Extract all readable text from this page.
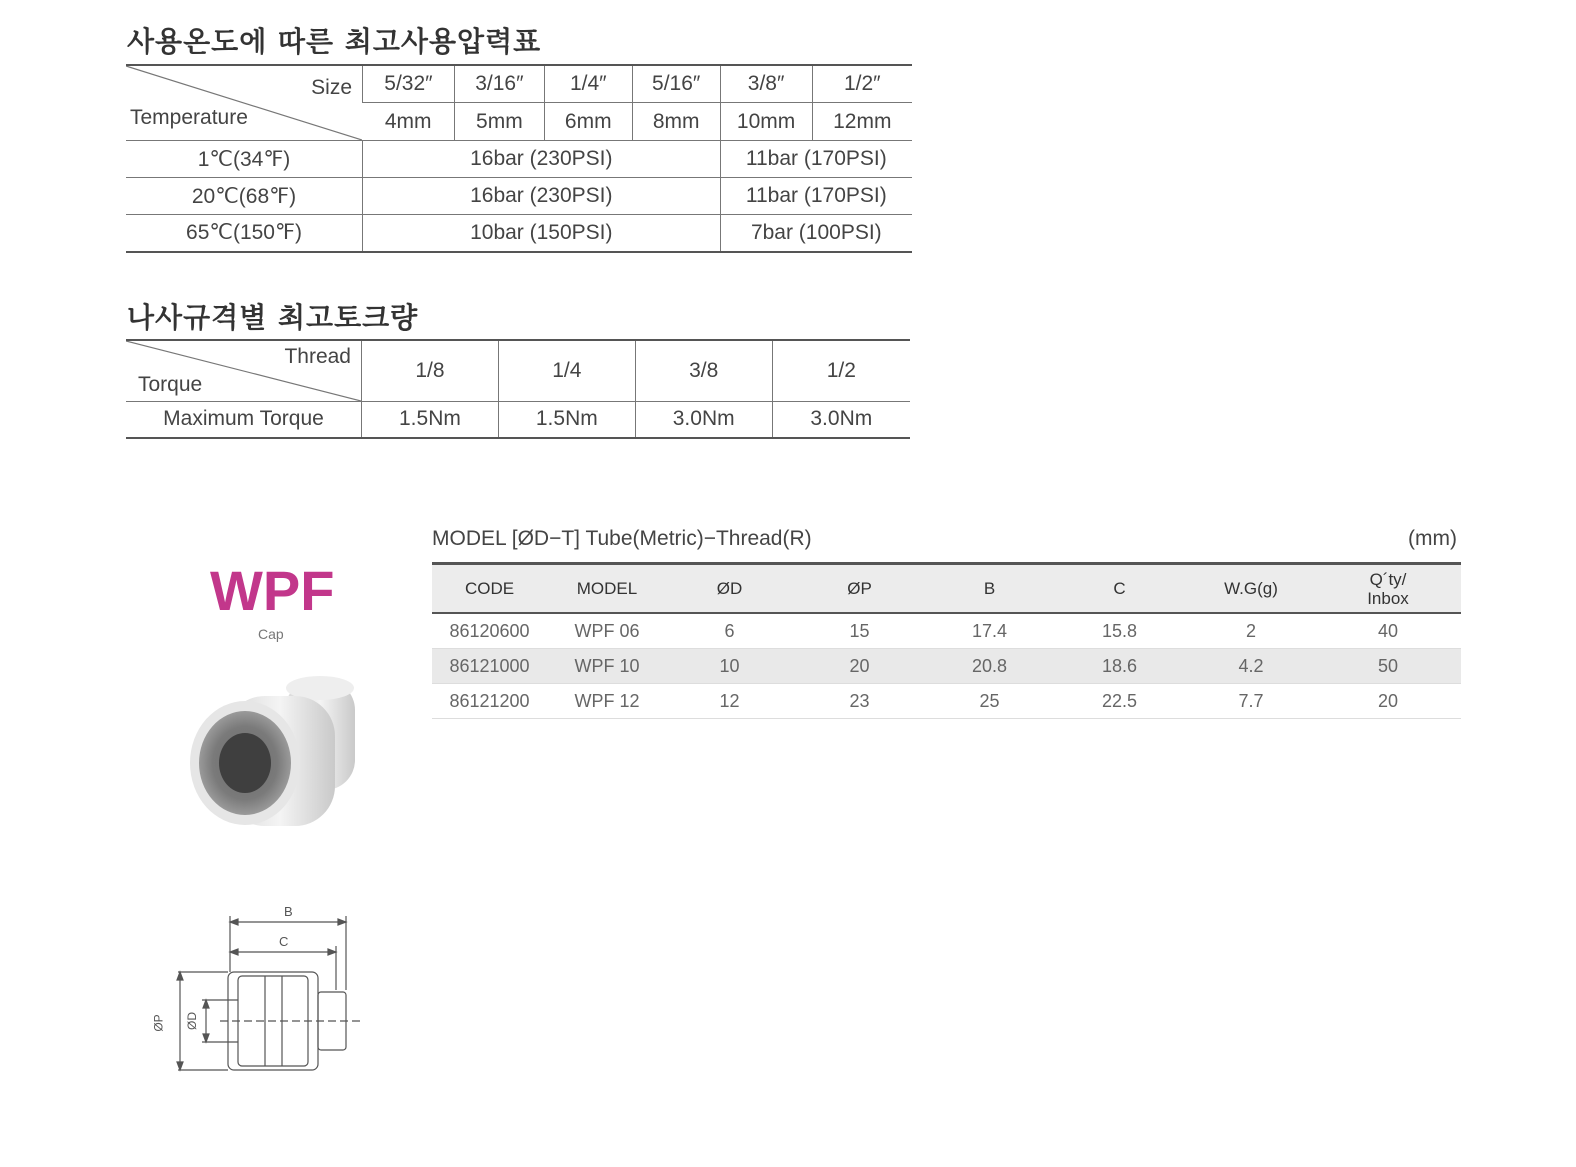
사용온도에 따른 최고사용압력표
Size
Temperature	5/32″	3/16″	1/4″	5/16″	3/8″	1/2″
	4mm	5mm	6mm	8mm	10mm	12mm
1℃(34℉)	16bar (230PSI)				11bar (170PSI)	
20℃(68℉)	16bar (230PSI)				11bar (170PSI)	
65℃(150℉)	10bar (150PSI)				7bar (100PSI)	
나사규격별 최고토크량
Thread
Torque	1/8	1/4	3/8	1/2
Maximum Torque	1.5Nm	1.5Nm	3.0Nm	3.0Nm
WPF
Cap
B
C
ØP ØD
MODEL [ØD−T] Tube(Metric)−Thread(R)	(mm)
CODE	MODEL	ØD	ØP	B	C	W.G(g)	Q´ty/
Inbox
86120600	WPF 06	6	15	17.4	15.8	2	40
86121000	WPF 10	10	20	20.8	18.6	4.2	50
86121200	WPF 12	12	23	25	22.5	7.7	20
